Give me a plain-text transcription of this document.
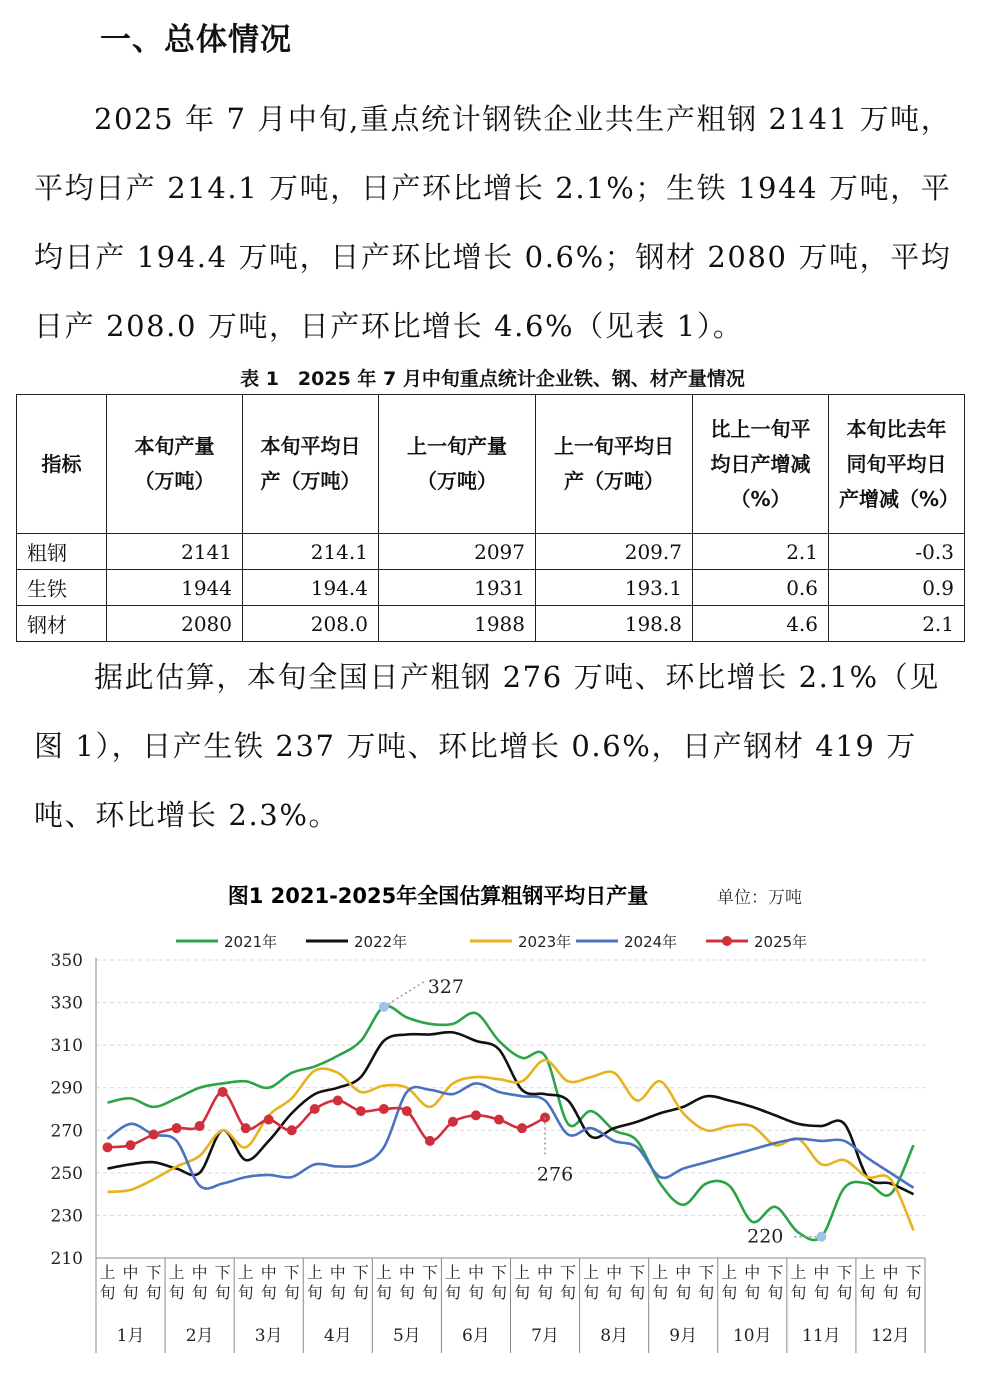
一、总体情况

2025 年 7 月中旬,重点统计钢铁企业共生产粗钢 2141 万吨，平均日产 214.1 万吨，日产环比增长 2.1%；生铁 1944 万吨，平均日产 194.4 万吨，日产环比增长 0.6%；钢材 2080 万吨，平均日产 208.0 万吨，日产环比增长 4.6%（见表 1）。

表 1　2025 年 7 月中旬重点统计企业铁、钢、材产量情况
指标	本旬产量（万吨）	本旬平均日产（万吨）	上一旬产量（万吨）	上一旬平均日产（万吨）	比上一旬平均日产增减（%）	本旬比去年同旬平均日产增减（%）
粗钢	2141	214.1	2097	209.7	2.1	-0.3
生铁	1944	194.4	1931	193.1	0.6	0.9
钢材	2080	208.0	1988	198.8	4.6	2.1

据此估算，本旬全国日产粗钢 276 万吨、环比增长 2.1%（见图 1），日产生铁 237 万吨、环比增长 0.6%，日产钢材 419 万吨、环比增长 2.3%。

图1 2021-2025年全国估算粗钢平均日产量	单位：万吨
2021年	2022年	2023年	2024年	2025年
350
330
310
290
270
250
230
210
上
旬
中
旬
下
旬
上
旬
中
旬
下
旬
上
旬
中
旬
下
旬
上
旬
中
旬
下
旬
上
旬
中
旬
下
旬
上
旬
中
旬
下
旬
上
旬
中
旬
下
旬
上
旬
中
旬
下
旬
上
旬
中
旬
下
旬
上
旬
中
旬
下
旬
上
旬
中
旬
下
旬
上
旬
中
旬
下
旬
1月 2月 3月 4月 5月 6月 7月 8月 9月 10月 11月 12月
327
276
220
